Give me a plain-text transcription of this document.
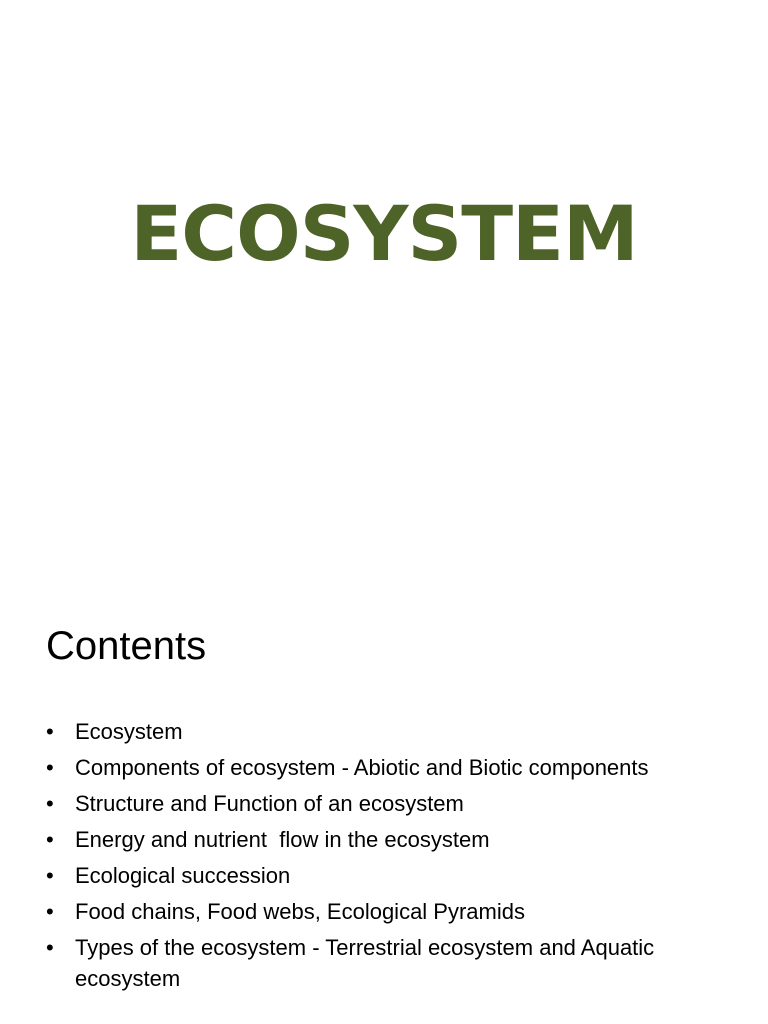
ECOSYSTEM
Contents
• Ecosystem
• Components of ecosystem - Abiotic and Biotic components
• Structure and Function of an ecosystem
• Energy and nutrient  flow in the ecosystem
• Ecological succession
• Food chains, Food webs, Ecological Pyramids
• Types of the ecosystem - Terrestrial ecosystem and Aquatic ecosystem
